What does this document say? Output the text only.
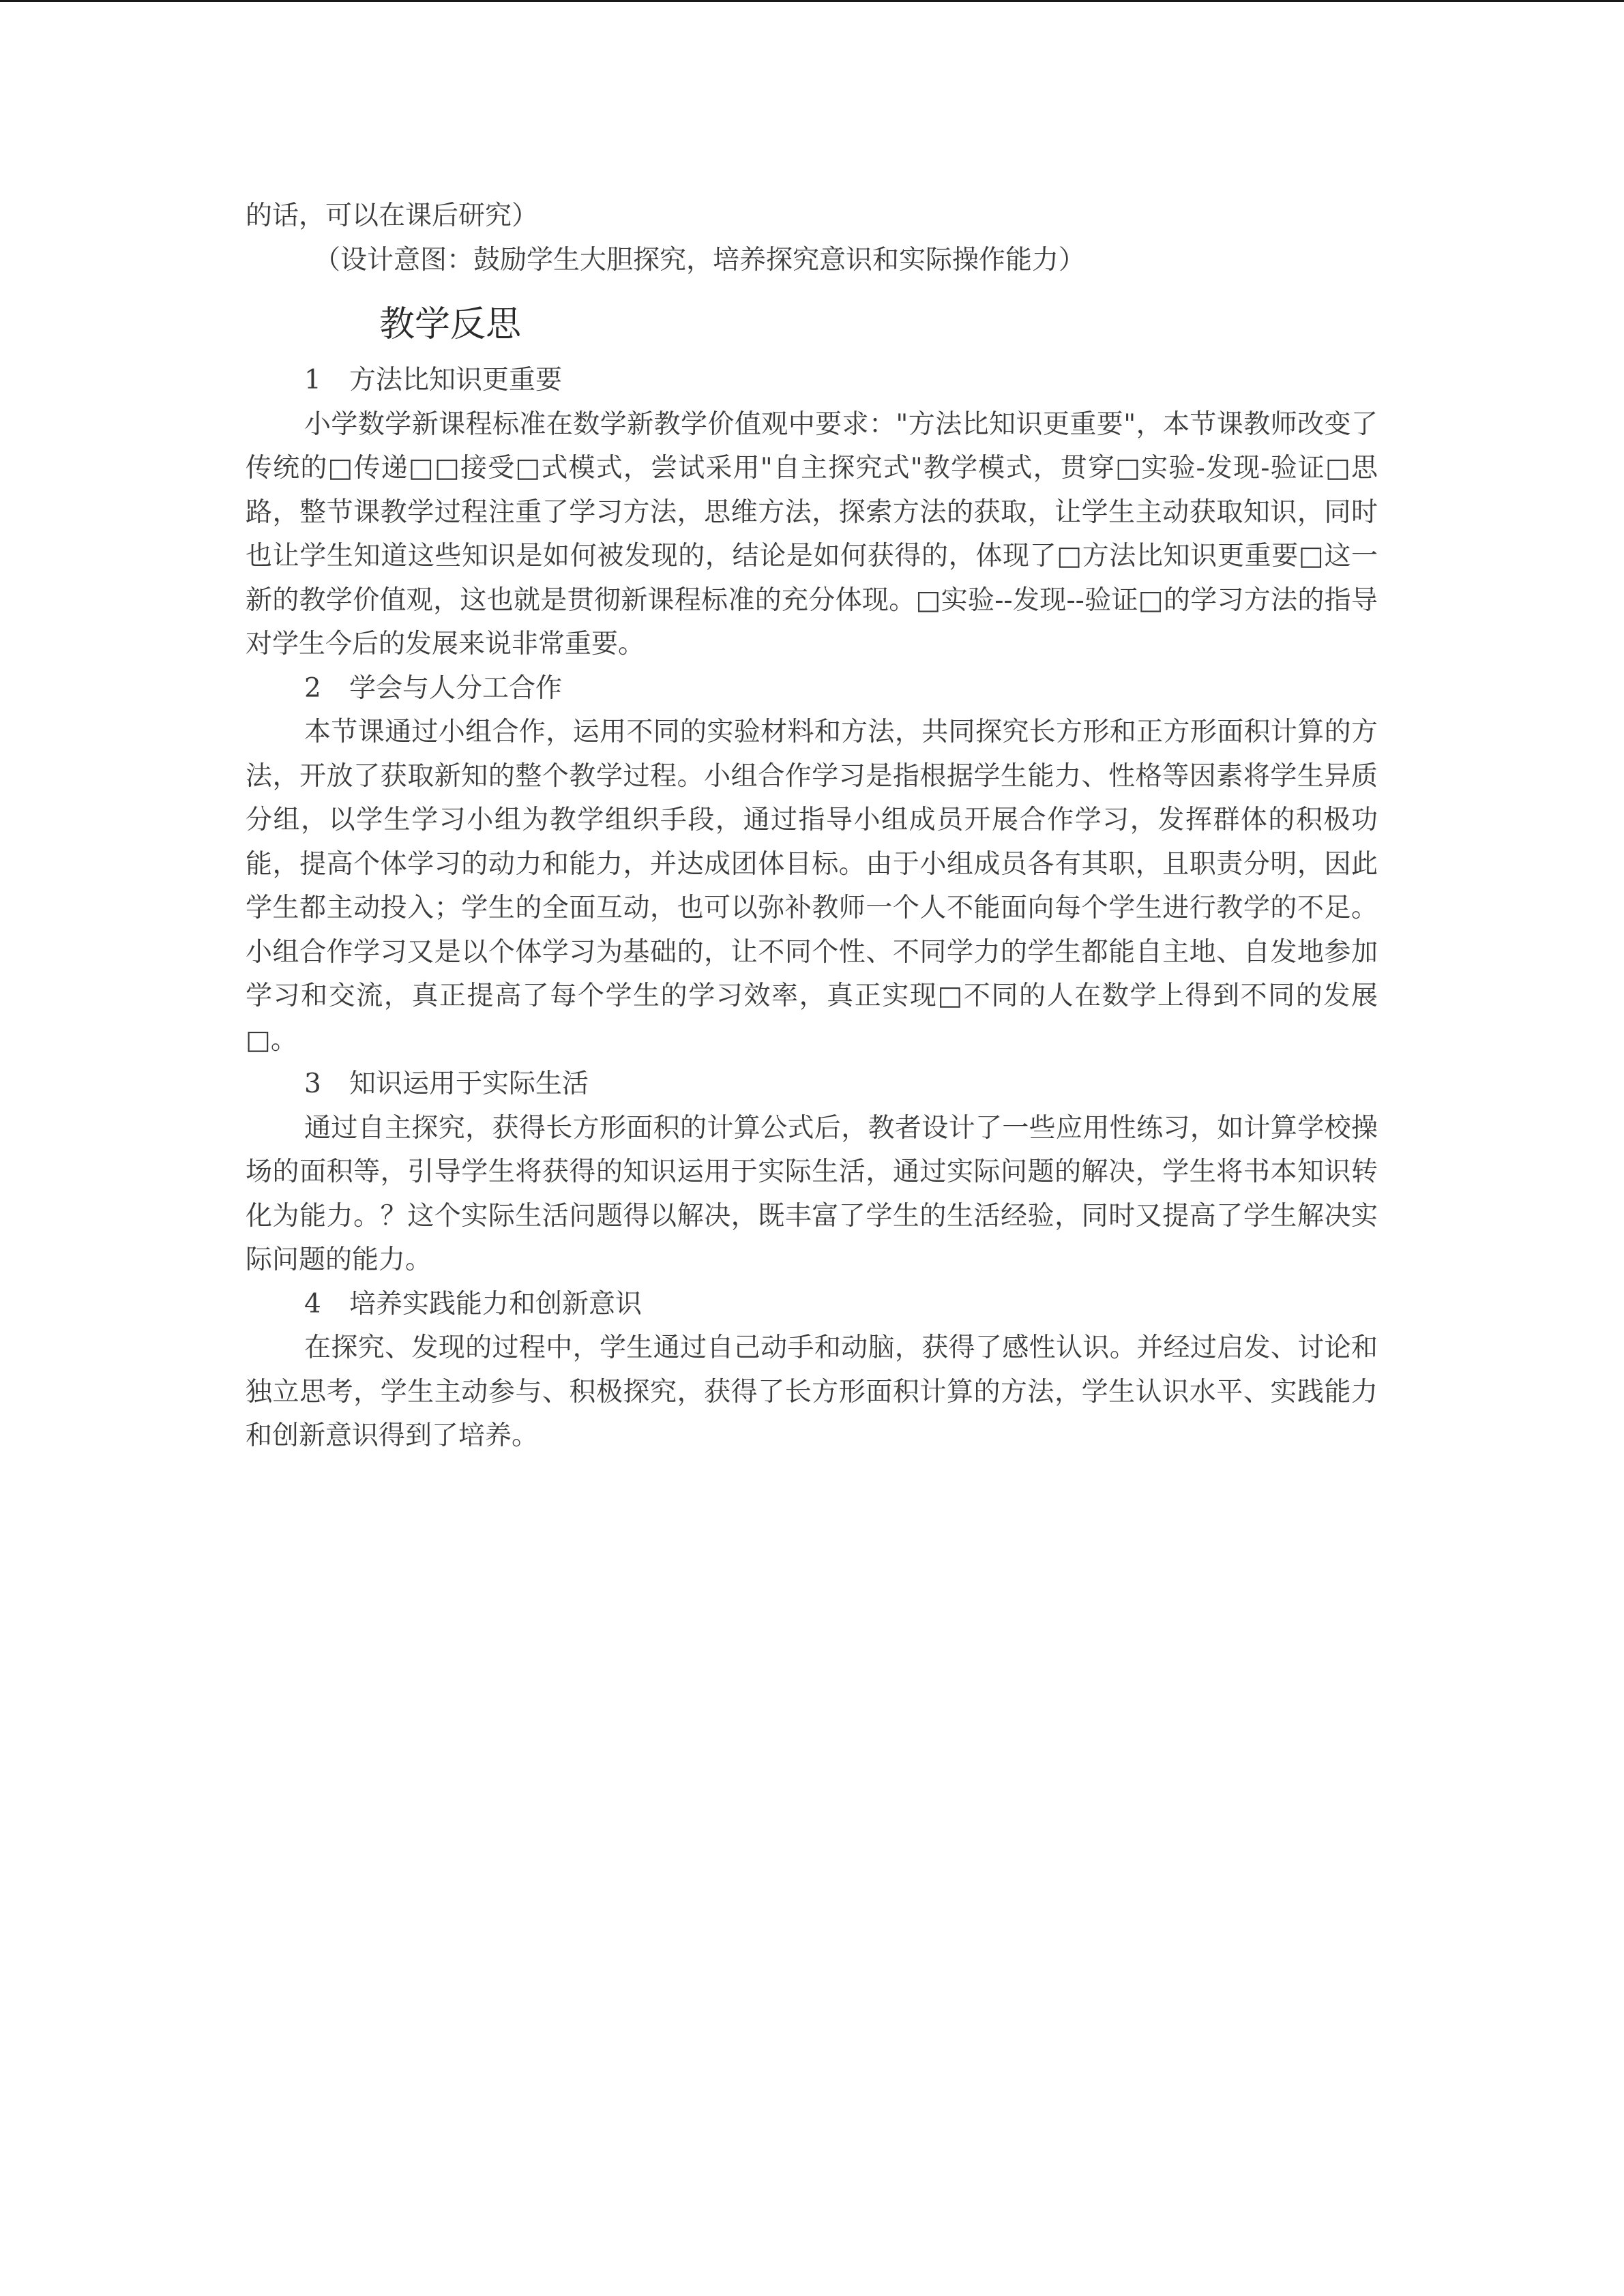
的话，可以在课后研究）

（设计意图：鼓励学生大胆探究，培养探究意识和实际操作能力）

教学反思

1 方法比知识更重要

小学数学新课程标准在数学新教学价值观中要求："方法比知识更重要"，本节课教师改变了传统的□传递□□接受□式模式，尝试采用"自主探究式"教学模式，贯穿□实验-发现-验证□思路，整节课教学过程注重了学习方法，思维方法，探索方法的获取，让学生主动获取知识，同时也让学生知道这些知识是如何被发现的，结论是如何获得的，体现了□方法比知识更重要□这一新的教学价值观，这也就是贯彻新课程标准的充分体现。□实验--发现--验证□的学习方法的指导对学生今后的发展来说非常重要。

2 学会与人分工合作

本节课通过小组合作，运用不同的实验材料和方法，共同探究长方形和正方形面积计算的方法，开放了获取新知的整个教学过程。小组合作学习是指根据学生能力、性格等因素将学生异质分组，以学生学习小组为教学组织手段，通过指导小组成员开展合作学习，发挥群体的积极功能，提高个体学习的动力和能力，并达成团体目标。由于小组成员各有其职，且职责分明，因此学生都主动投入；学生的全面互动，也可以弥补教师一个人不能面向每个学生进行教学的不足。小组合作学习又是以个体学习为基础的，让不同个性、不同学力的学生都能自主地、自发地参加学习和交流，真正提高了每个学生的学习效率，真正实现□不同的人在数学上得到不同的发展□。

3 知识运用于实际生活

通过自主探究，获得长方形面积的计算公式后，教者设计了一些应用性练习，如计算学校操场的面积等，引导学生将获得的知识运用于实际生活，通过实际问题的解决，学生将书本知识转化为能力。？这个实际生活问题得以解决，既丰富了学生的生活经验，同时又提高了学生解决实际问题的能力。

4 培养实践能力和创新意识

在探究、发现的过程中，学生通过自己动手和动脑，获得了感性认识。并经过启发、讨论和独立思考，学生主动参与、积极探究，获得了长方形面积计算的方法，学生认识水平、实践能力和创新意识得到了培养。
